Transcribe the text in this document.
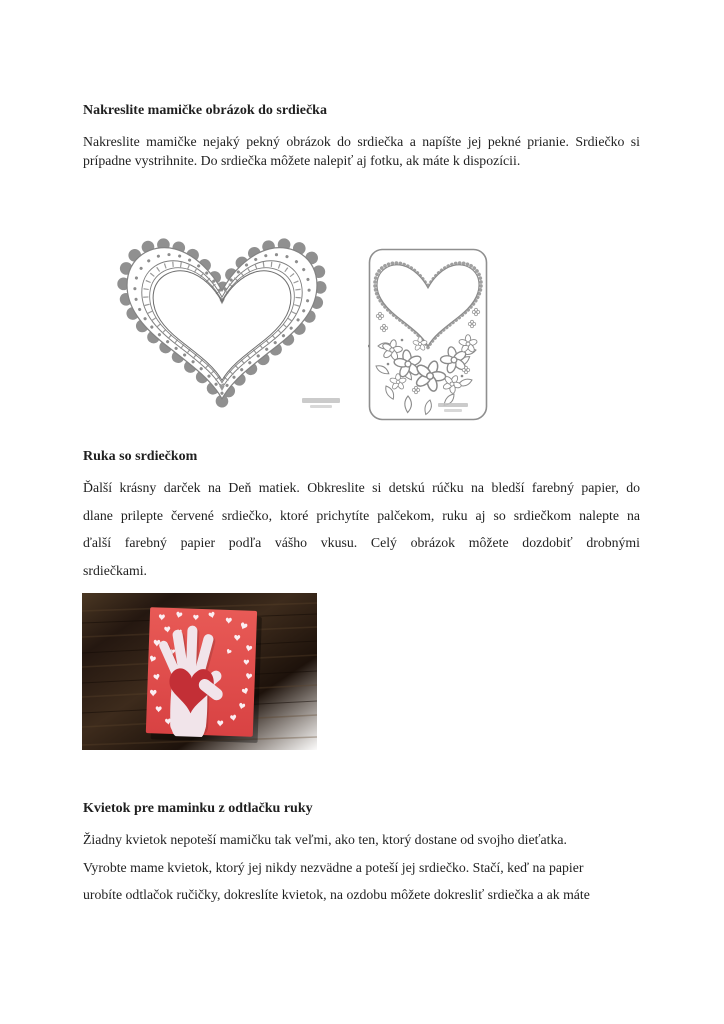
Nakreslite mamičke obrázok do srdiečka
Nakreslite mamičke nejaký pekný obrázok do srdiečka a napíšte jej pekné prianie. Srdiečko si
prípadne vystrihnite. Do srdiečka môžete nalepiť aj fotku, ak máte k dispozícii.
Ruka so srdiečkom
Ďalší krásny darček na Deň matiek. Obkreslite si detskú rúčku na bledší farebný papier, do
dlane prilepte červené srdiečko, ktoré prichytíte palčekom, ruku aj so srdiečkom nalepte na
ďalší farebný papier podľa vášho vkusu. Celý obrázok môžete dozdobiť drobnými
srdiečkami.
Kvietok pre maminku z odtlačku ruky
Žiadny kvietok nepoteší mamičku tak veľmi, ako ten, ktorý dostane od svojho dieťatka.
Vyrobte mame kvietok, ktorý jej nikdy nezvädne a poteší jej srdiečko. Stačí, keď na papier
urobíte odtlačok ručičky, dokreslíte kvietok, na ozdobu môžete dokresliť srdiečka a ak máte
